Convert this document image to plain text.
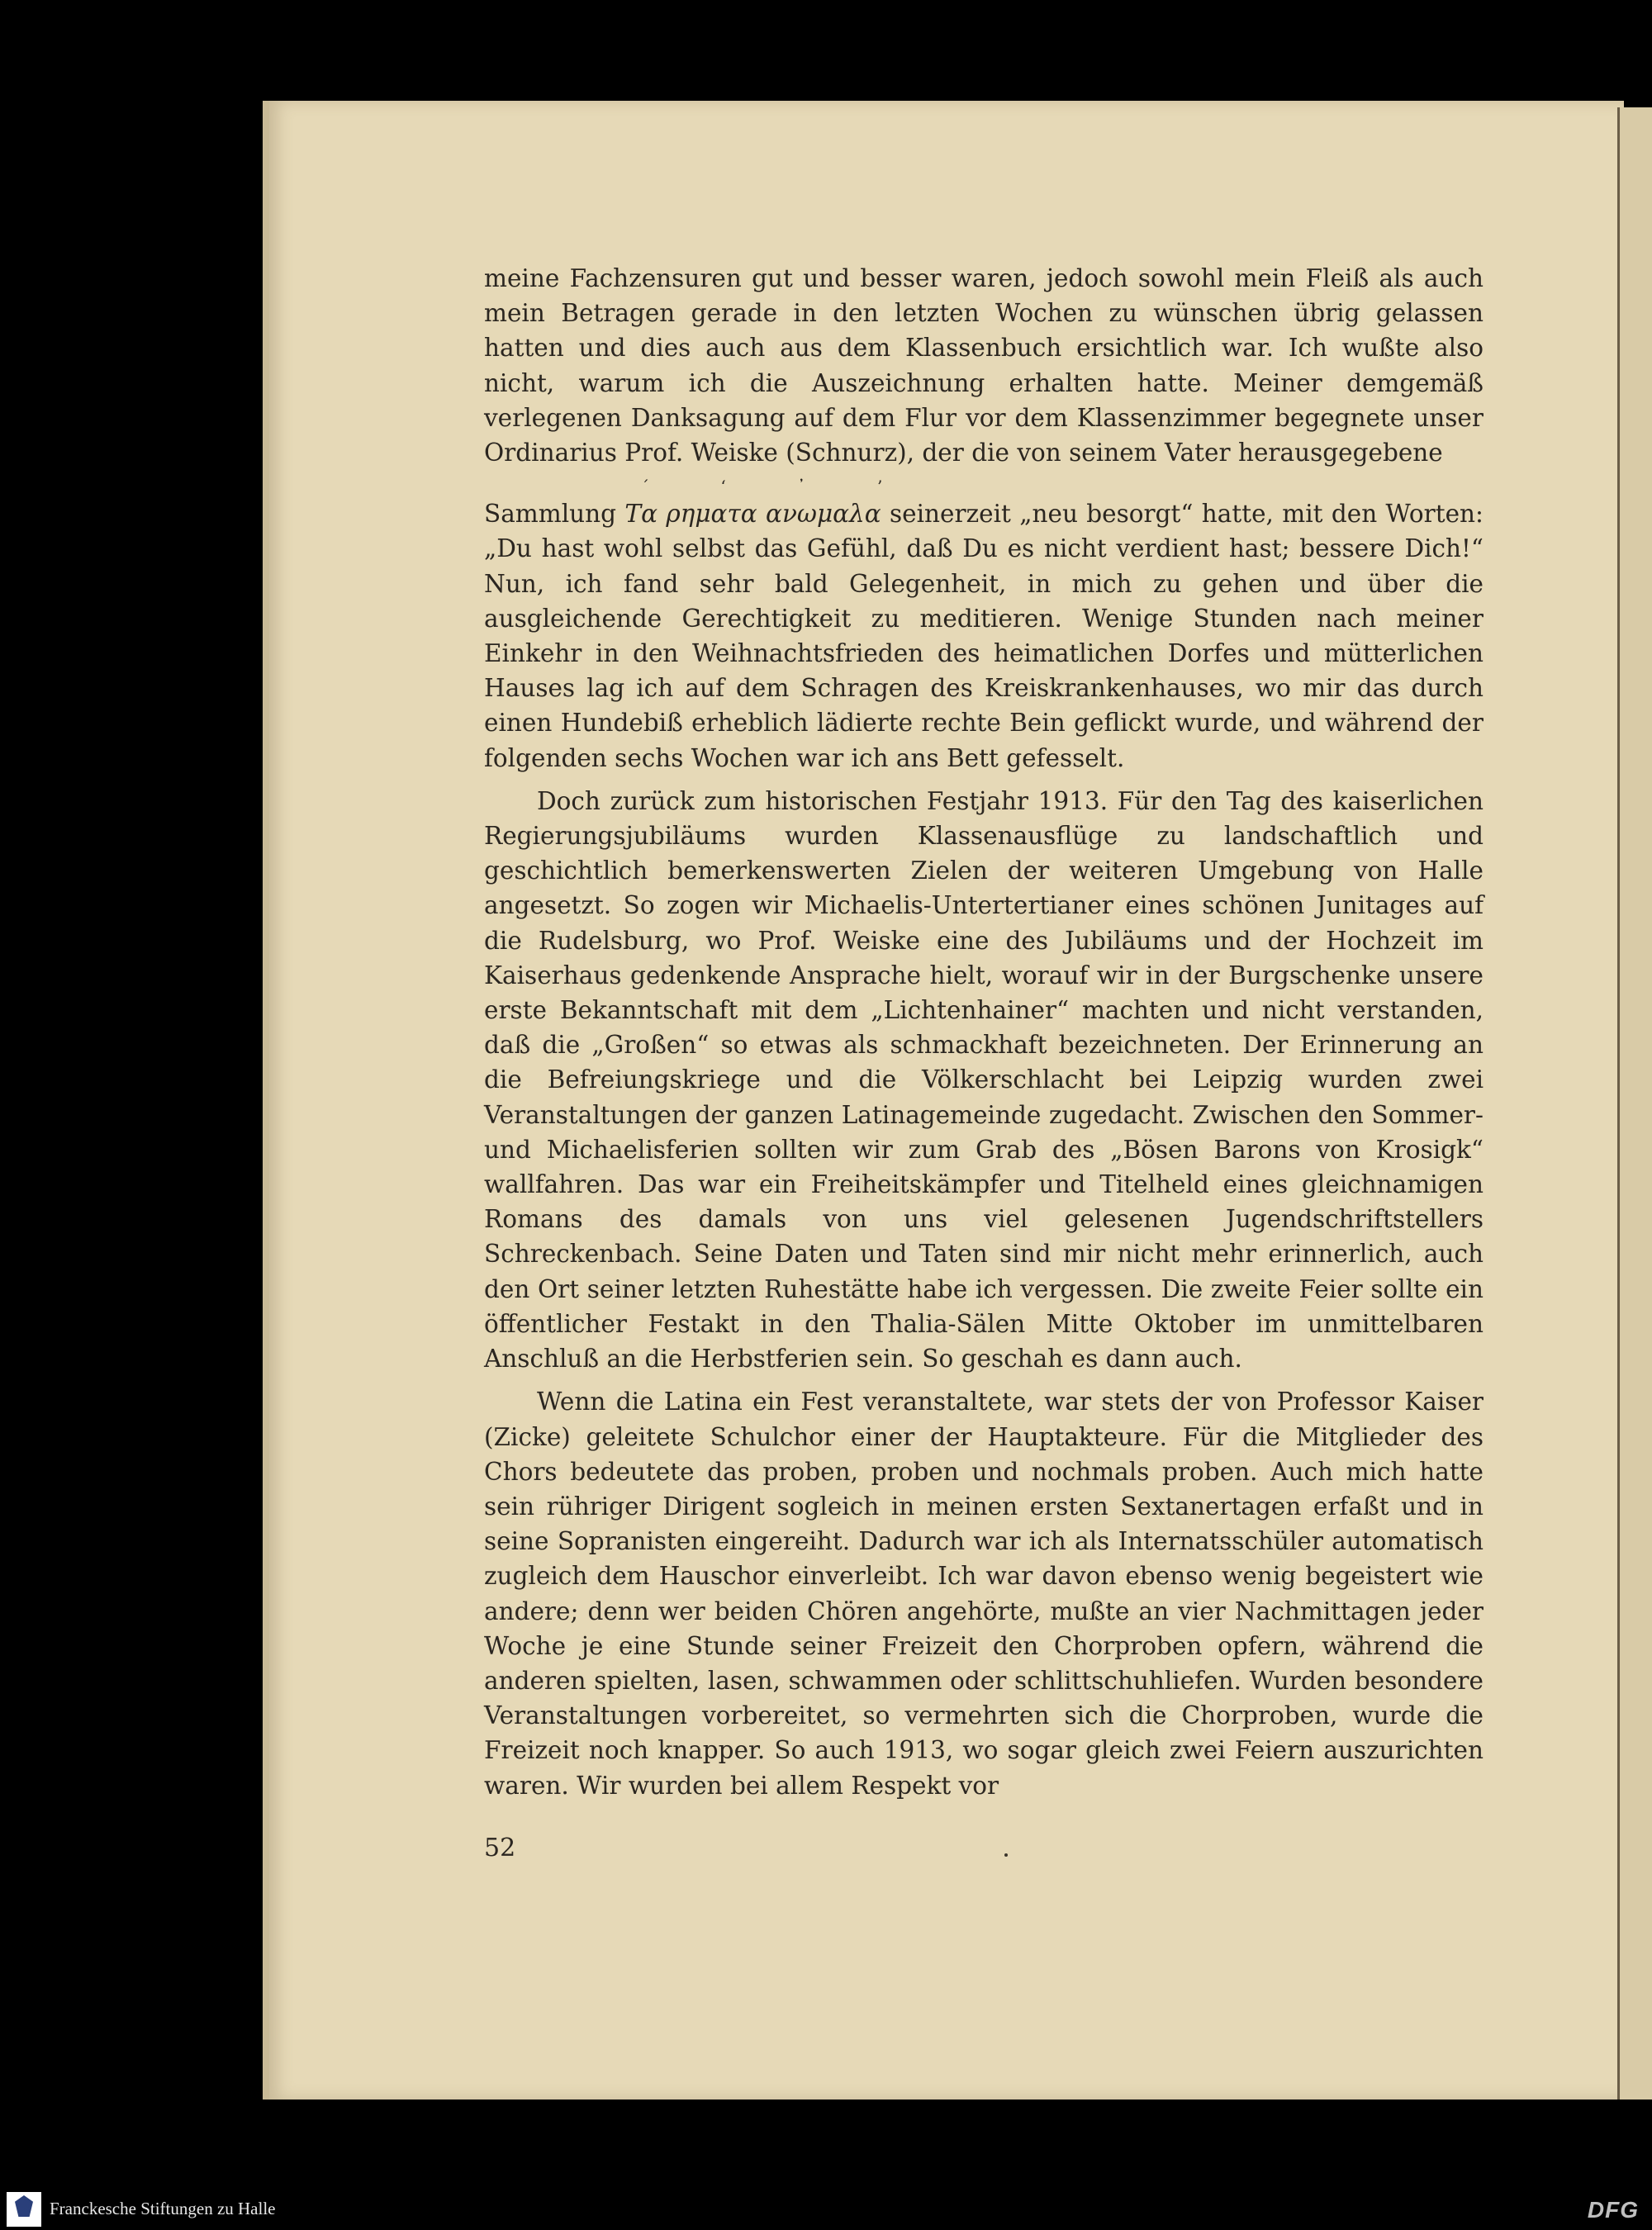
meine Fachzensuren gut und besser waren, jedoch sowohl mein Fleiß als auch mein Betragen gerade in den letzten Wochen zu wünschen übrig gelassen hatten und dies auch aus dem Klassenbuch ersichtlich war. Ich wußte also nicht, warum ich die Auszeichnung erhalten hatte. Meiner demgemäß verlegenen Danksagung auf dem Flur vor dem Klassenzimmer begegnete unser Ordinarius Prof. Weiske (Schnurz), der die von seinem Vater herausgegebene

´ ‘ ᾿ ʼ
Sammlung Τα ρηματα ανωμαλα seinerzeit „neu besorgt“ hatte, mit den Worten: „Du hast wohl selbst das Gefühl, daß Du es nicht verdient hast; bessere Dich!“ Nun, ich fand sehr bald Gelegenheit, in mich zu gehen und über die ausgleichende Gerechtigkeit zu meditieren. Wenige Stunden nach meiner Einkehr in den Weihnachtsfrieden des heimatlichen Dorfes und mütterlichen Hauses lag ich auf dem Schragen des Kreiskrankenhauses, wo mir das durch einen Hundebiß erheblich lädierte rechte Bein geflickt wurde, und während der folgenden sechs Wochen war ich ans Bett gefesselt.

Doch zurück zum historischen Festjahr 1913. Für den Tag des kaiserlichen Regierungsjubiläums wurden Klassenausflüge zu landschaftlich und geschichtlich bemerkenswerten Zielen der weiteren Umgebung von Halle angesetzt. So zogen wir Michaelis-Untertertianer eines schönen Junitages auf die Rudelsburg, wo Prof. Weiske eine des Jubiläums und der Hochzeit im Kaiserhaus gedenkende Ansprache hielt, worauf wir in der Burgschenke unsere erste Bekanntschaft mit dem „Lichtenhainer“ machten und nicht verstanden, daß die „Großen“ so etwas als schmackhaft bezeichneten. Der Erinnerung an die Befreiungskriege und die Völkerschlacht bei Leipzig wurden zwei Veranstaltungen der ganzen Latinagemeinde zugedacht. Zwischen den Sommer- und Michaelisferien sollten wir zum Grab des „Bösen Barons von Krosigk“ wallfahren. Das war ein Freiheitskämpfer und Titelheld eines gleichnamigen Romans des damals von uns viel gelesenen Jugendschriftstellers Schreckenbach. Seine Daten und Taten sind mir nicht mehr erinnerlich, auch den Ort seiner letzten Ruhestätte habe ich vergessen. Die zweite Feier sollte ein öffentlicher Festakt in den Thalia-Sälen Mitte Oktober im unmittelbaren Anschluß an die Herbstferien sein. So geschah es dann auch.

Wenn die Latina ein Fest veranstaltete, war stets der von Professor Kaiser (Zicke) geleitete Schulchor einer der Hauptakteure. Für die Mitglieder des Chors bedeutete das proben, proben und nochmals proben. Auch mich hatte sein rühriger Dirigent sogleich in meinen ersten Sextanertagen erfaßt und in seine Sopranisten eingereiht. Dadurch war ich als Internatsschüler automatisch zugleich dem Hauschor einverleibt. Ich war davon ebenso wenig begeistert wie andere; denn wer beiden Chören angehörte, mußte an vier Nachmittagen jeder Woche je eine Stunde seiner Freizeit den Chorproben opfern, während die anderen spielten, lasen, schwammen oder schlittschuhliefen. Wurden besondere Veranstaltungen vorbereitet, so vermehrten sich die Chorproben, wurde die Freizeit noch knapper. So auch 1913, wo sogar gleich zwei Feiern auszurichten waren. Wir wurden bei allem Respekt vor

52
Franckesche Stiftungen zu Halle	DFG
